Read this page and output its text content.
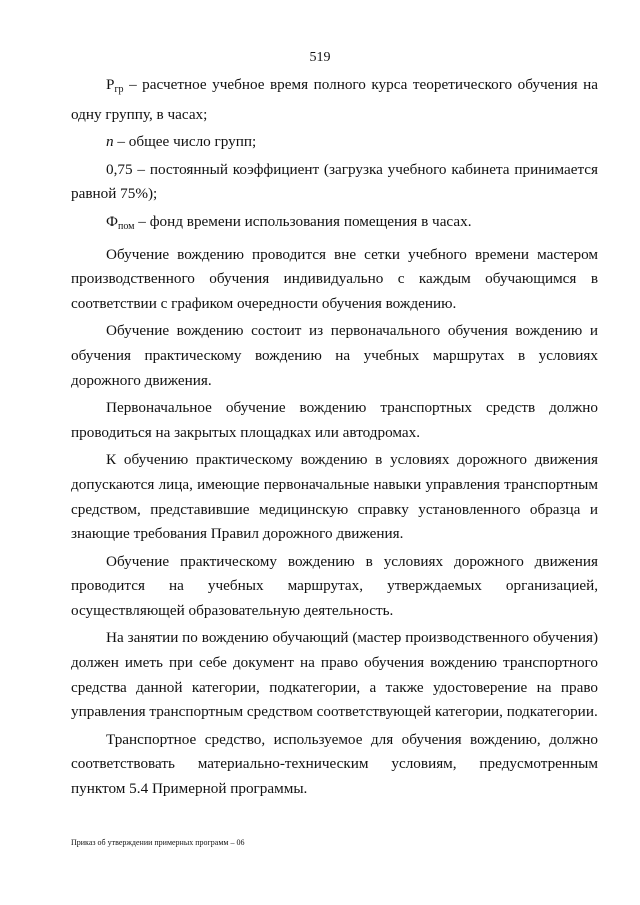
519

$P_{гр}$ – расчетное учебное время полного курса теоретического обучения на одну группу, в часах;

n – общее число групп;

0,75 – постоянный коэффициент (загрузка учебного кабинета принимается равной 75%);

$Ф_{пом}$ – фонд времени использования помещения в часах.

Обучение вождению проводится вне сетки учебного времени мастером производственного обучения индивидуально с каждым обучающимся в соответствии с графиком очередности обучения вождению.

Обучение вождению состоит из первоначального обучения вождению и обучения практическому вождению на учебных маршрутах в условиях дорожного движения.

Первоначальное обучение вождению транспортных средств должно проводиться на закрытых площадках или автодромах.

К обучению практическому вождению в условиях дорожного движения допускаются лица, имеющие первоначальные навыки управления транспортным средством, представившие медицинскую справку установленного образца и знающие требования Правил дорожного движения.

Обучение практическому вождению в условиях дорожного движения проводится на учебных маршрутах, утверждаемых организацией, осуществляющей образовательную деятельность.

На занятии по вождению обучающий (мастер производственного обучения) должен иметь при себе документ на право обучения вождению транспортного средства данной категории, подкатегории, а также удостоверение на право управления транспортным средством соответствующей категории, подкатегории.

Транспортное средство, используемое для обучения вождению, должно соответствовать материально-техническим условиям, предусмотренным пунктом 5.4 Примерной программы.

Приказ об утверждении примерных программ – 06
